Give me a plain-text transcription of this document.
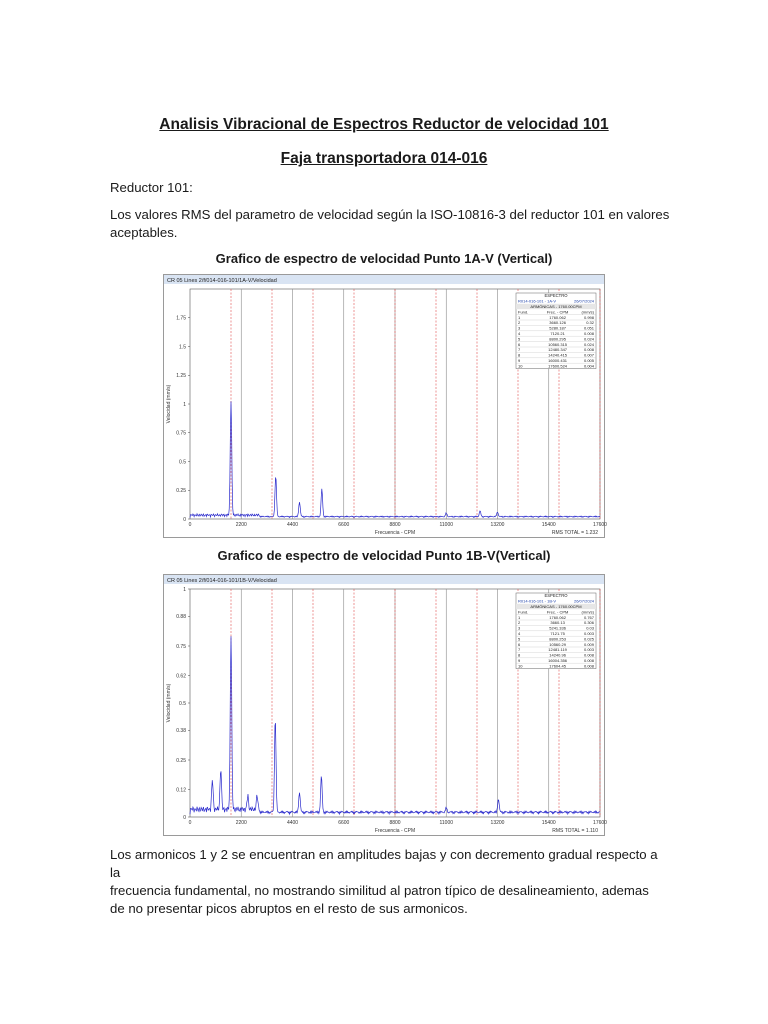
Analisis Vibracional de Espectros Reductor de velocidad 101
Faja transportadora 014-016
Reductor 101:
Los valores RMS del parametro de velocidad según la ISO-10816-3 del reductor 101 en valores
aceptables.
Grafico de espectro de velocidad Punto 1A-V (Vertical)
CR 05 Lines 2/f/014-016-101/1A-V/Velocidad
0	2200	4400	6600	8800	11000	13200	15400	17600
0
0.25
0.5
0.75
1
1.25
1.5
1.75
Frecuencia - CPM
Velocidad (mm/s)
RMS TOTAL = 1.232
ESPECTRO
R014-016-101 - 1A-V	26/07/2024
ARMÓNICAS - 1760.00CPM
Fund.	Frec. - CPM	(mm/s)
1	1760.062	0.998
2	3660.126	0.32
3	5280.187	0.051
4	7120.21	0.008
5	8800.295	0.024
6	10560.315	0.024
7	12480.347	0.008
8	14240.415	0.007
9	16000.431	0.005
10	17600.524	0.004
Grafico de espectro de velocidad Punto 1B-V(Vertical)
CR 05 Lines 2/f/014-016-101/1B-V/Velocidad
0	2200	4400	6600	8800	11000	13200	15400	17600
0
0.12
0.25
0.38
0.5
0.62
0.75
0.88
1
Frecuencia - CPM
Velocidad (mm/s)
RMS TOTAL = 1.110
ESPECTRO
R014-016-101 - 1B-V	26/07/2024
ARMÓNICAS - 1760.00CPM
Fund.	Frec. - CPM	(mm/s)
1	1760.062	0.767
2	3660.13	0.306
3	5241.336	0.03
4	7121.75	0.003
5	8800.253	0.025
6	10560.29	0.009
7	12481.119	0.003
8	14240.96	0.008
9	16004.356	0.008
10	17604.45	0.008
Los armonicos 1 y 2 se encuentran en amplitudes bajas y con decremento gradual respecto a la
frecuencia fundamental, no mostrando similitud al patron típico de desalineamiento, ademas
de no presentar picos abruptos en el resto de sus armonicos.
